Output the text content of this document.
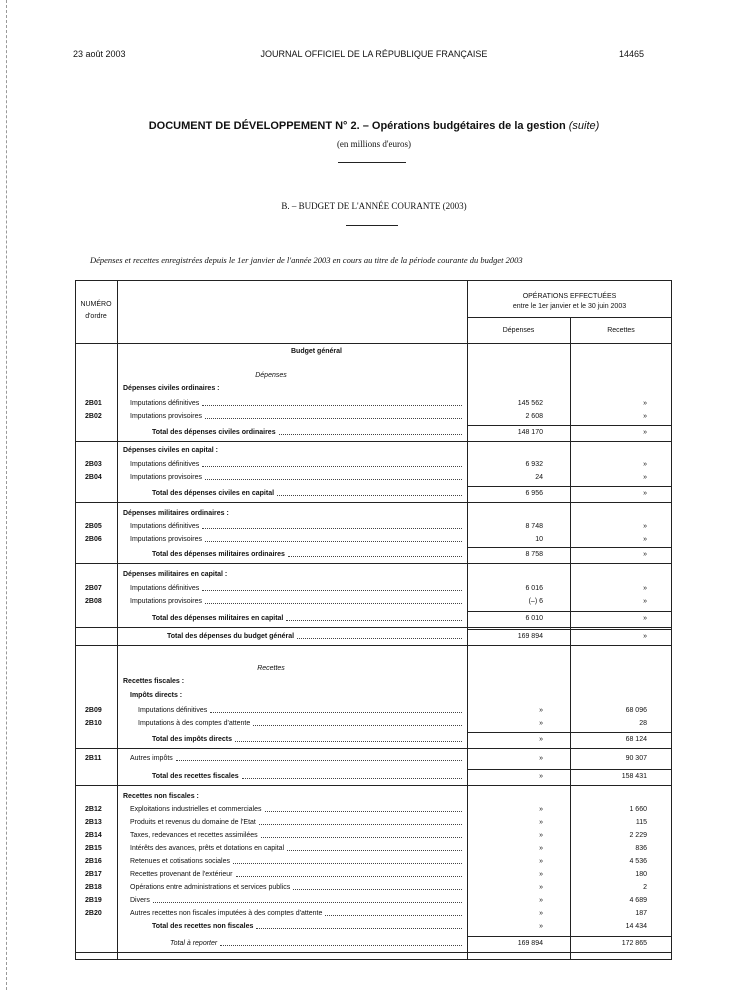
23 août 2003	JOURNAL OFFICIEL DE LA RÉPUBLIQUE FRANÇAISE	14465
DOCUMENT DE DÉVELOPPEMENT N° 2. – Opérations budgétaires de la gestion (suite)
(en millions d'euros)
B. – BUDGET DE L'ANNÉE COURANTE (2003)
Dépenses et recettes enregistrées depuis le 1er janvier de l'année 2003 en cours au titre de la période courante du budget 2003
NUMÉRO
d'ordre
OPÉRATIONS EFFECTUÉES
entre le 1er janvier et le 30 juin 2003
Dépenses	Recettes
Budget général
Dépenses
Dépenses civiles ordinaires :
2B01	Imputations définitives	145 562	»
2B02	Imputations provisoires	2 608	»
Total des dépenses civiles ordinaires	148 170	»
Dépenses civiles en capital :
2B03	Imputations définitives	6 932	»
2B04	Imputations provisoires	24	»
Total des dépenses civiles en capital	6 956	»
Dépenses militaires ordinaires :
2B05	Imputations définitives	8 748	»
2B06	Imputations provisoires	10	»
Total des dépenses militaires ordinaires	8 758	»
Dépenses militaires en capital :
2B07	Imputations définitives	6 016	»
2B08	Imputations provisoires	(–) 6	»
Total des dépenses militaires en capital	6 010	»
Total des dépenses du budget général	169 894	»
Recettes
Recettes fiscales :
Impôts directs :
2B09	Imputations définitives	»	68 096
2B10	Imputations à des comptes d'attente	»	28
Total des impôts directs	»	68 124
2B11	Autres impôts	»	90 307
Total des recettes fiscales	»	158 431
Recettes non fiscales :
2B12	Exploitations industrielles et commerciales	»	1 660
2B13	Produits et revenus du domaine de l'Etat	»	115
2B14	Taxes, redevances et recettes assimilées	»	2 229
2B15	Intérêts des avances, prêts et dotations en capital	»	836
2B16	Retenues et cotisations sociales	»	4 536
2B17	Recettes provenant de l'extérieur	»	180
2B18	Opérations entre administrations et services publics	»	2
2B19	Divers	»	4 689
2B20	Autres recettes non fiscales imputées à des comptes d'attente	»	187
Total des recettes non fiscales	»	14 434
Total à reporter	169 894	172 865
